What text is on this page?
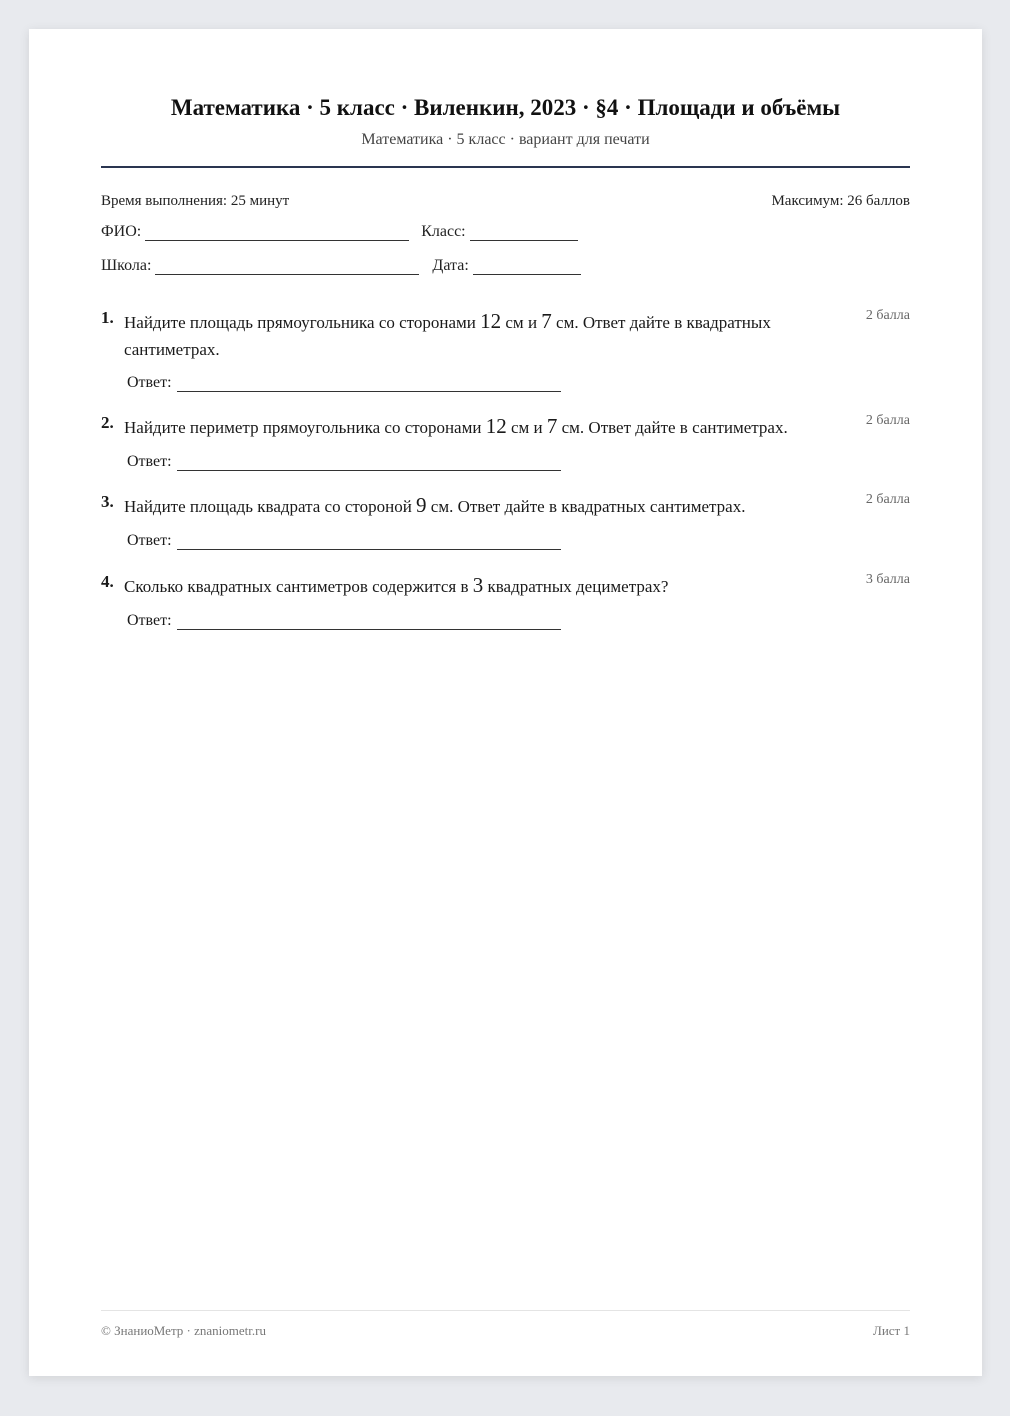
Математика · 5 класс · Виленкин, 2023 · §4 · Площади и объёмы

Математика · 5 класс · вариант для печати

Время выполнения: 25 минут	Максимум: 26 баллов
ФИО:	Класс:
Школа:	Дата:
1. Найдите площадь прямоугольника со сторонами 12 см и 7 см. Ответ дайте в квадратных сантиметрах.
2 балла
Ответ:
2. Найдите периметр прямоугольника со сторонами 12 см и 7 см. Ответ дайте в сантиметрах.	2 балла
Ответ:
3. Найдите площадь квадрата со стороной 9 см. Ответ дайте в квадратных сантиметрах.	2 балла
Ответ:
4. Сколько квадратных сантиметров содержится в 3 квадратных дециметрах?	3 балла
Ответ:
© ЗнаниоМетр · znaniometr.ru	Лист 1
